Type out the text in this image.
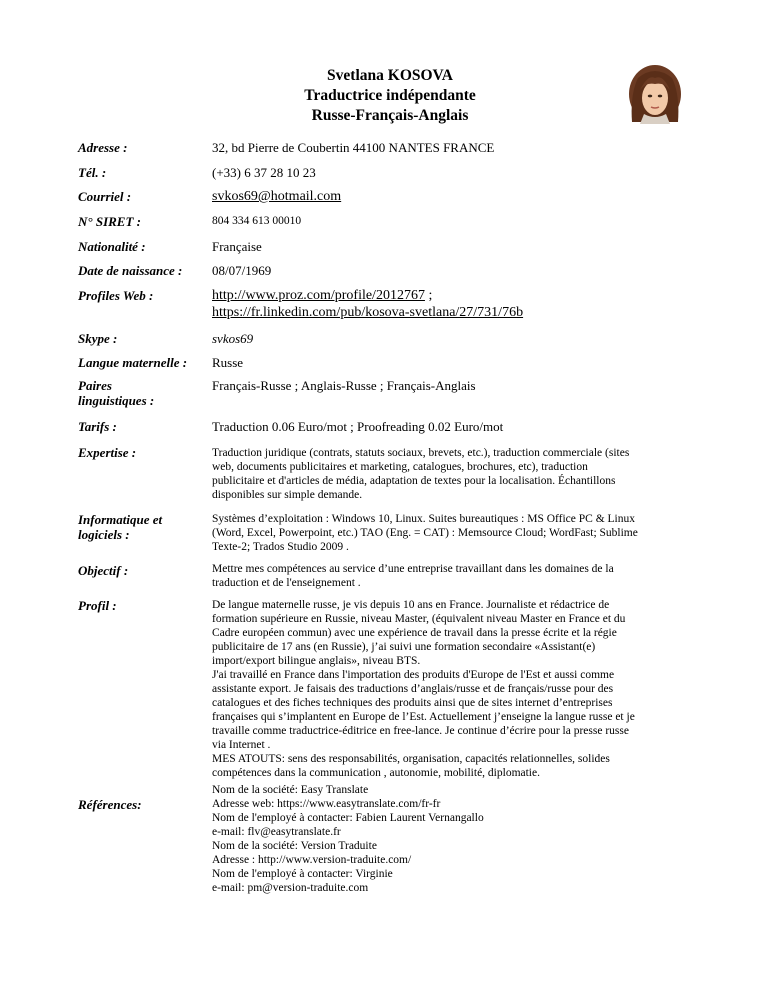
Svetlana KOSOVA
Traductrice indépendante
Russe-Français-Anglais
Adresse :	32, bd Pierre de Coubertin 44100 NANTES FRANCE
Tél. :	(+33) 6 37 28 10 23
Courriel :	svkos69@hotmail.com
N° SIRET :	804 334 613 00010
Nationalité :	Française
Date de naissance : 08/07/1969
Profiles Web :	http://www.proz.com/profile/2012767 ;
https://fr.linkedin.com/pub/kosova-svetlana/27/731/76b
Skype :	svkos69
Langue maternelle : Russe
Paires
linguistiques :
Français-Russe ; Anglais-Russe ; Français-Anglais
Tarifs :	Traduction 0.06 Euro/mot ; Proofreading 0.02 Euro/mot
Expertise :	Traduction juridique (contrats, statuts sociaux, brevets, etc.), traduction commerciale (sites
web, documents publicitaires et marketing, catalogues, brochures, etc), traduction
publicitaire et d'articles de média, adaptation de textes pour la localisation. Échantillons
disponibles sur simple demande.
Informatique et
logiciels :
Systèmes d’exploitation : Windows 10, Linux. Suites bureautiques : MS Office PC & Linux
(Word, Excel, Powerpoint, etc.) TAO (Eng. = CAT) : Memsource Cloud; WordFast; Sublime
Texte-2; Trados Studio 2009 .
Objectif :	Mettre mes compétences au service d’une entreprise travaillant dans les domaines de la
traduction et de l'enseignement .
Profil :	De langue maternelle russe, je vis depuis 10 ans en France. Journaliste et rédactrice de
formation supérieure en Russie, niveau Master, (équivalent niveau Master en France et du
Cadre européen commun) avec une expérience de travail dans la presse écrite et la régie
publicitaire de 17 ans (en Russie), j’ai suivi une formation secondaire «Assistant(e)
import/export bilingue anglais», niveau BTS.
J'ai travaillé en France dans l'importation des produits d'Europe de l'Est et aussi comme
assistante export. Je faisais des traductions d’anglais/russe et de français/russe pour des
catalogues et des fiches techniques des produits ainsi que de sites internet d’entreprises
françaises qui s’implantent en Europe de l’Est. Actuellement j’enseigne la langue russe et je
travaille comme traductrice-éditrice en free-lance. Je continue d’écrire pour la presse russe
via Internet .
MES ATOUTS: sens des responsabilités, organisation, capacités relationnelles, solides
compétences dans la communication , autonomie, mobilité, diplomatie.
Références:
Nom de la société: Easy Translate
Adresse web: https://www.easytranslate.com/fr-fr
Nom de l'employé à contacter: Fabien Laurent Vernangallo
e-mail: flv@easytranslate.fr
Nom de la société: Version Traduite
Adresse : http://www.version-traduite.com/
Nom de l'employé à contacter: Virginie
e-mail: pm@version-traduite.com
